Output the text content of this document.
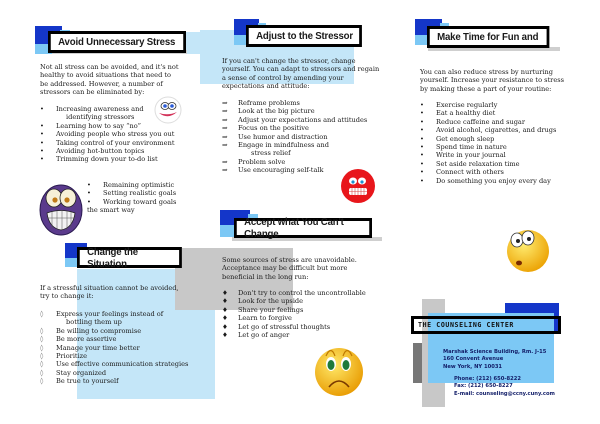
Avoid Unnecessary Stress
Not all stress can be avoided, and it's not healthy to avoid situations that need to be addressed. However, a number of stressors can be eliminated by:
• Increasing awareness and
identifying stressors
• Learning how to say “no”
• Avoiding people who stress you out
• Taking control of your environment
• Avoiding hot-button topics
• Trimming down your to-do list
• Remaining optimistic
• Setting realistic goals
• Working toward goals
the smart way
Change the Situation
If a stressful situation cannot be avoided, try to change it:
◊ Express your feelings instead of
bottling them up
◊ Be willing to compromise
◊ Be more assertive
◊ Manage your time better
◊ Prioritize
◊ Use effective communication strategies
◊ Stay organized
◊ Be true to yourself
Adjust to the Stressor
If you can't change the stressor, change yourself. You can adapt to stressors and regain a sense of control by amending your expectations and attitude:
⇒ Reframe problems
⇒ Look at the big picture
⇒ Adjust your expectations and attitudes
⇒ Focus on the positive
⇒ Use humor and distraction
⇒ Engage in mindfulness and
stress relief
⇒ Problem solve
⇒ Use encouraging self-talk
Accept what You Can't Change
Some sources of stress are unavoidable. Acceptance may be difficult but more beneficial in the long run:
♦ Don't try to control the uncontrollable
♦ Look for the upside
♦ Share your feelings
♦ Learn to forgive
♦ Let go of stressful thoughts
♦ Let go of anger
Make Time for Fun and
You can also reduce stress by nurturing yourself. Increase your resistance to stress by making these a part of your routine:
• Exercise regularly
• Eat a healthy diet
• Reduce caffeine and sugar
• Avoid alcohol, cigarettes, and drugs
• Get enough sleep
• Spend time in nature
• Write in your journal
• Set aside relaxation time
• Connect with others
• Do something you enjoy every day
THE COUNSELING CENTER
Marshak Science Building, Rm. J-15
160 Convent Avenue
New York, NY 10031
Phone: (212) 650-8222
Fax: (212) 650-8227
E-mail: counseling@ccny.cuny.com
